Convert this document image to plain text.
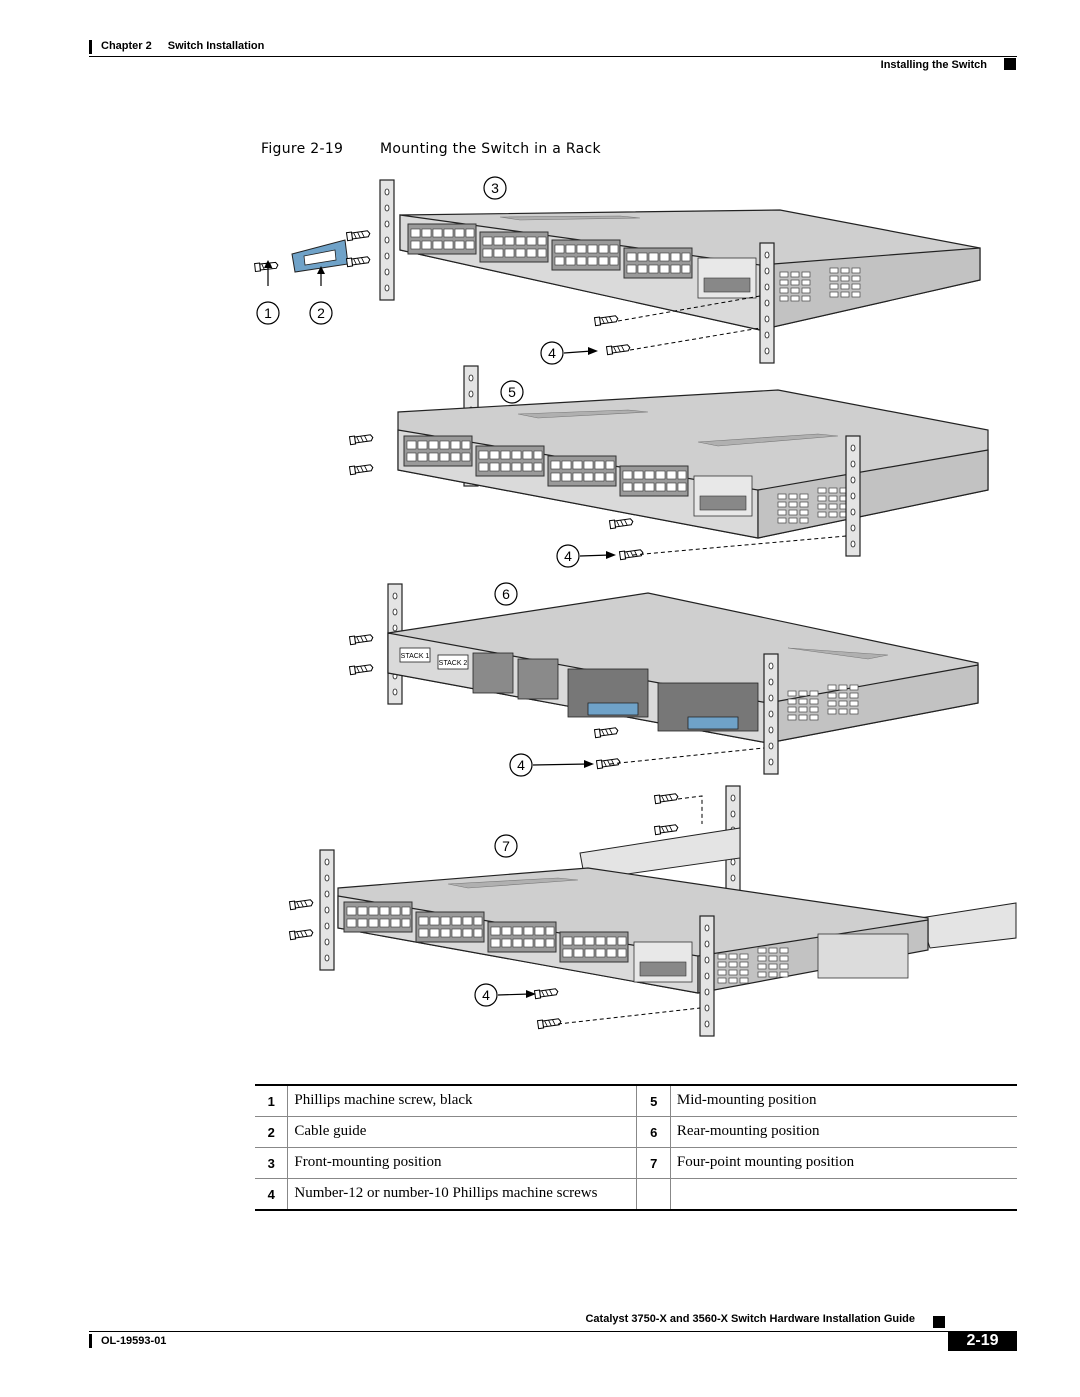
Chapter 2 Switch Installation
Installing the Switch
Figure 2-19	Mounting the Switch in a Rack
1	2
3
4
5
4
STACK 1
STACK 2
6
4
7
4
1	Phillips machine screw, black	5	Mid-mounting position
2	Cable guide	6	Rear-mounting position
3	Front-mounting position	7	Four-point mounting position
4	Number-12 or number-10 Phillips machine screws		
Catalyst 3750-X and 3560-X Switch Hardware Installation Guide
OL-19593-01	2-19
